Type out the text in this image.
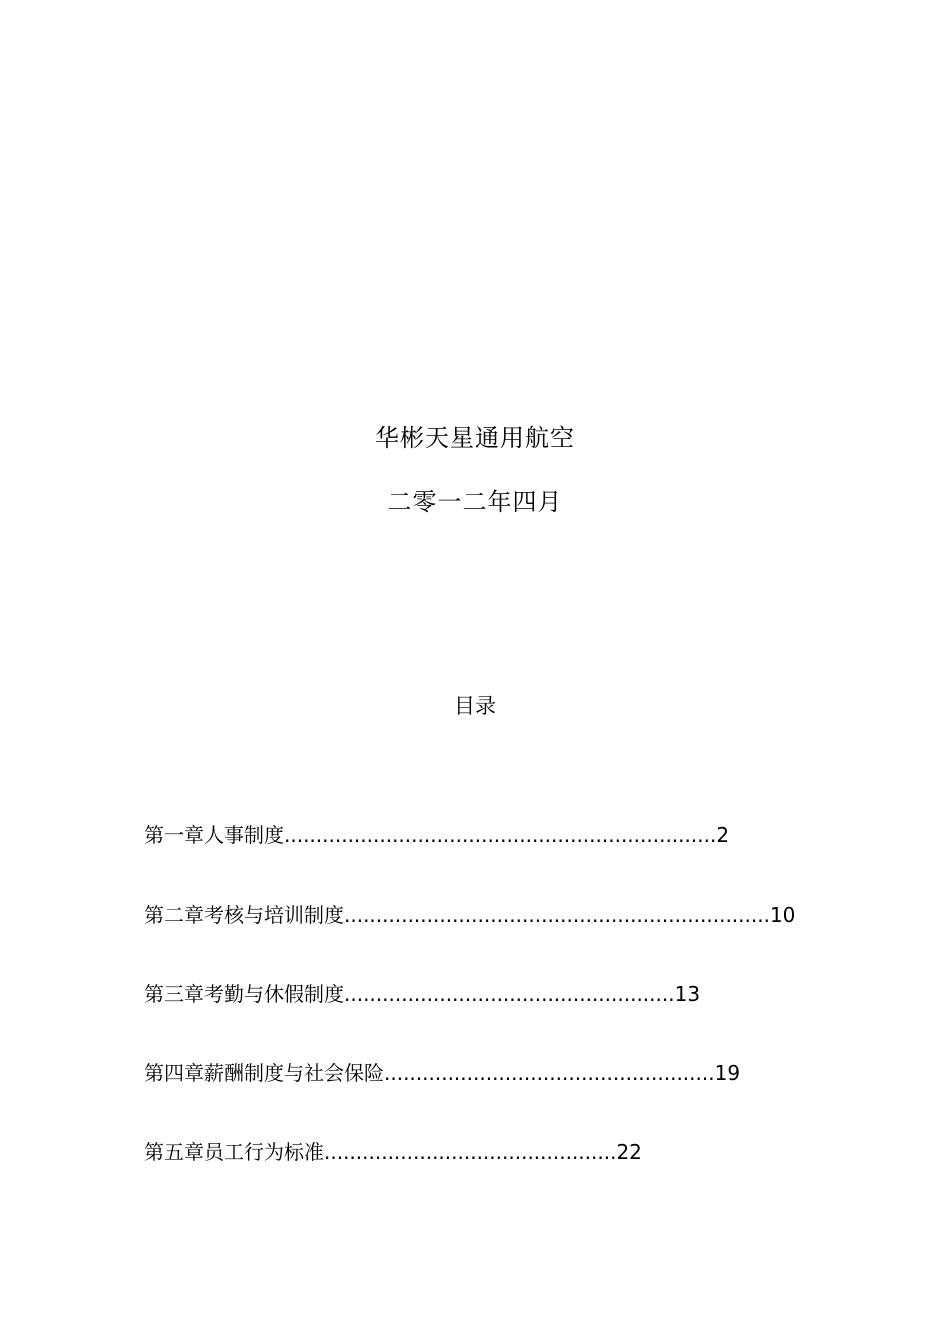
华彬天星通用航空
二零一二年四月
目录
第一章人事制度....................................................................2
第二章考核与培训制度...................................................................10
第三章考勤与休假制度....................................................13
第四章薪酬制度与社会保险....................................................19
第五章员工行为标准..............................................22
